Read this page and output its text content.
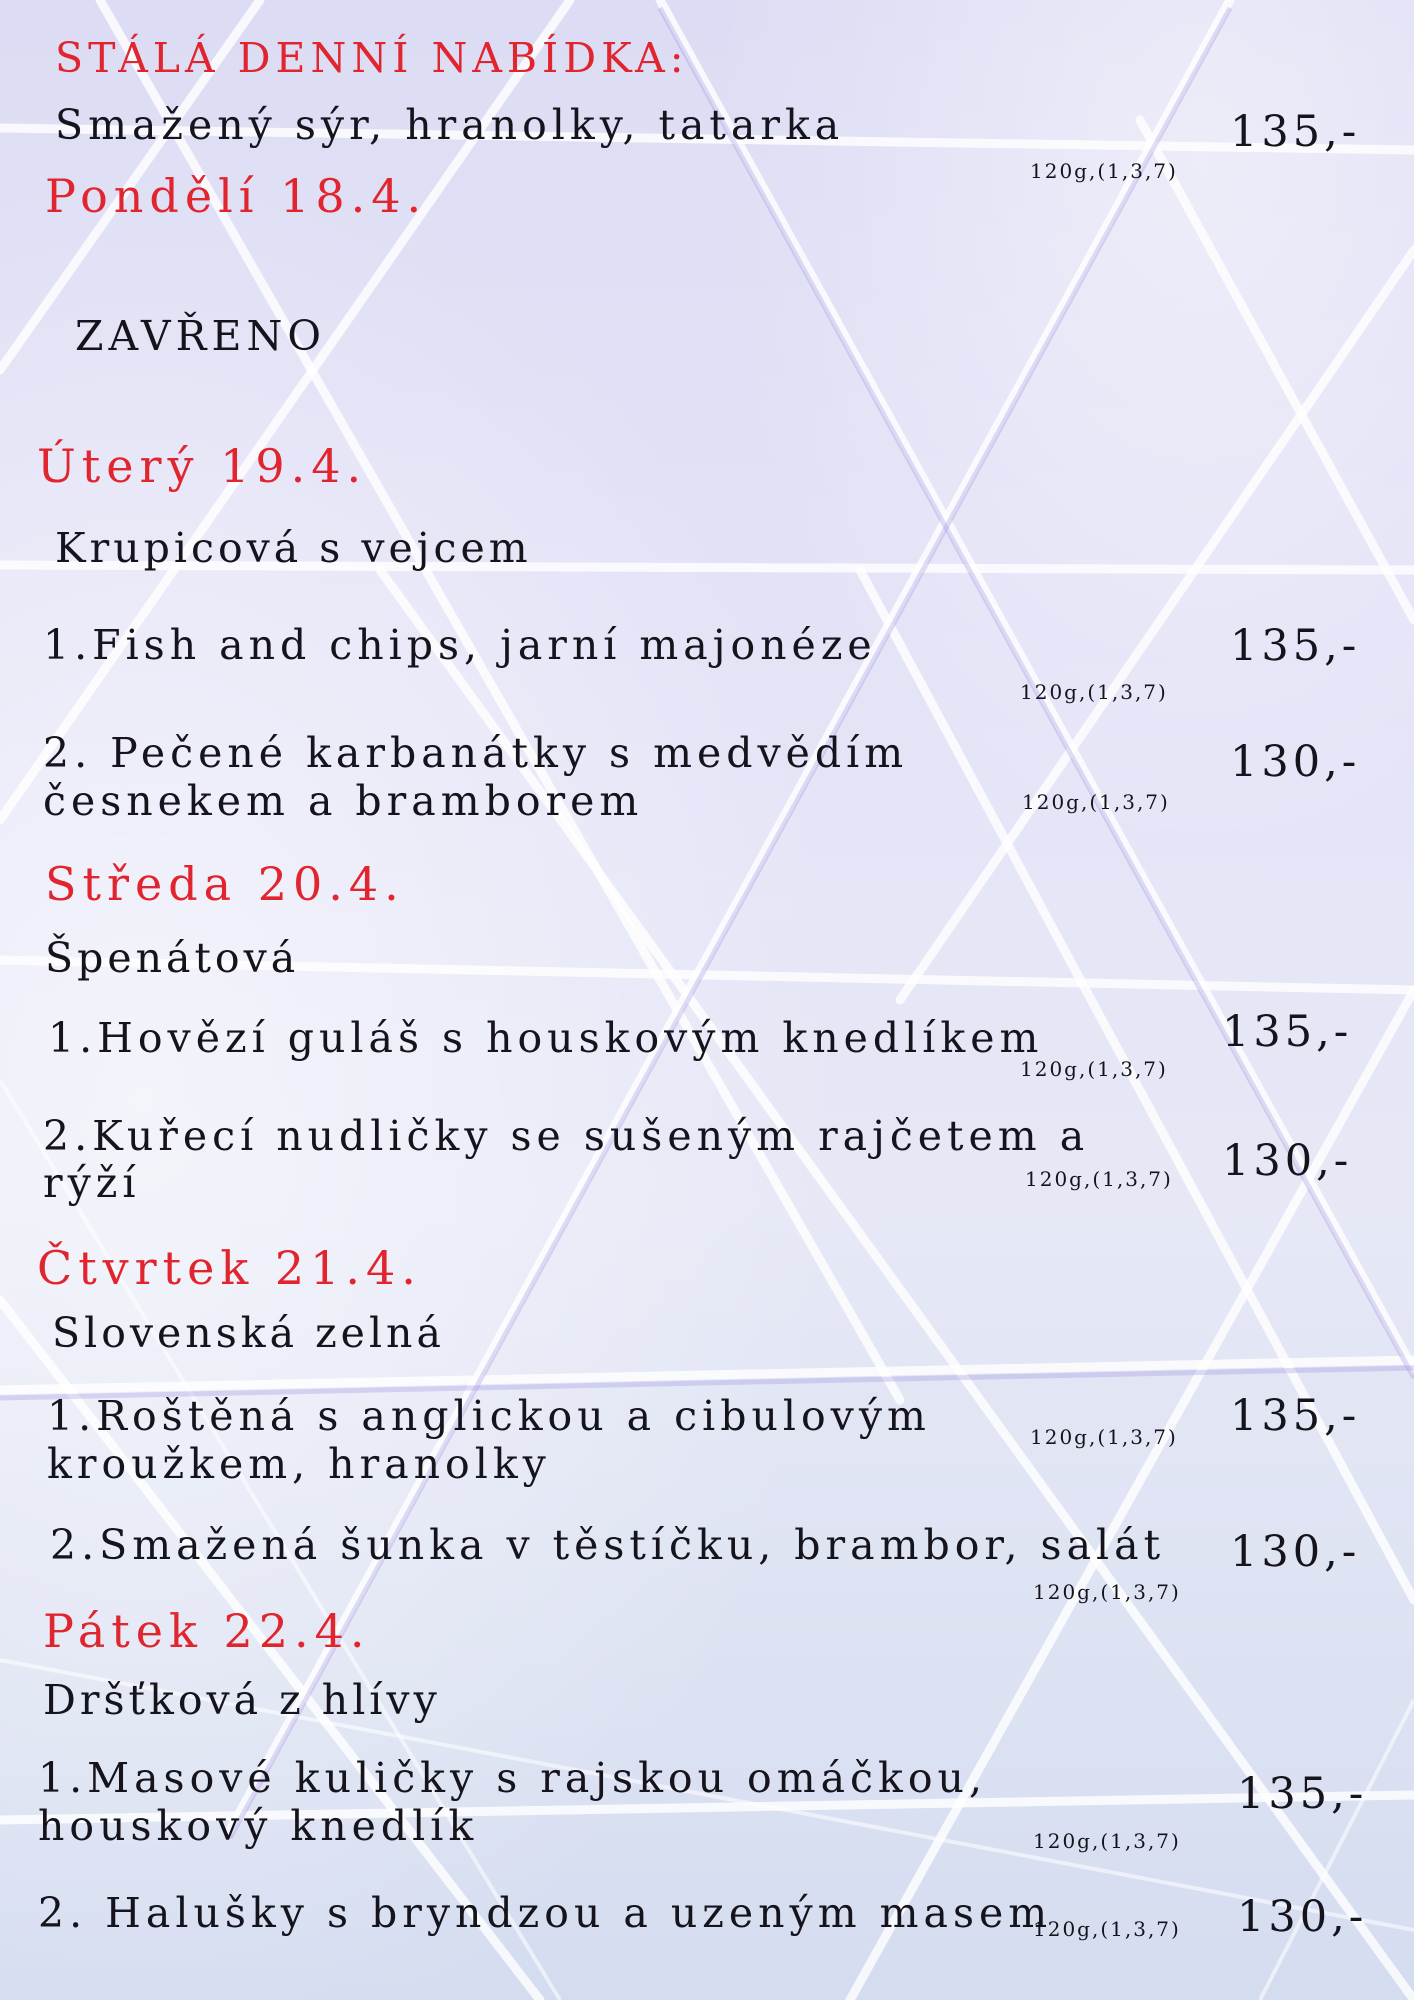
STÁLÁ DENNÍ NABÍDKA:
Smažený sýr, hranolky, tatarka	135,-
120g,(1,3,7)
Pondělí 18.4.
ZAVŘENO
Úterý 19.4.
Krupicová s vejcem
1.Fish and chips, jarní majonéze	135,-
120g,(1,3,7)
2. Pečené karbanátky s medvědím
česnekem a bramborem
130,-
120g,(1,3,7)
Středa 20.4.
Špenátová
1.Hovězí guláš s houskovým knedlíkem	135,-
120g,(1,3,7)
2.Kuřecí nudličky se sušeným rajčetem a
rýží	130,-
120g,(1,3,7)
Čtvrtek 21.4.
Slovenská zelná
1.Roštěná s anglickou a cibulovým
kroužkem, hranolky
135,-
120g,(1,3,7)
2.Smažená šunka v těstíčku, brambor, salát 130,-
120g,(1,3,7)
Pátek 22.4.
Dršťková z hlívy
1.Masové kuličky s rajskou omáčkou,
houskový knedlík
135,-
120g,(1,3,7)
2. Halušky s bryndzou a uzeným masem	130,-
120g,(1,3,7)
